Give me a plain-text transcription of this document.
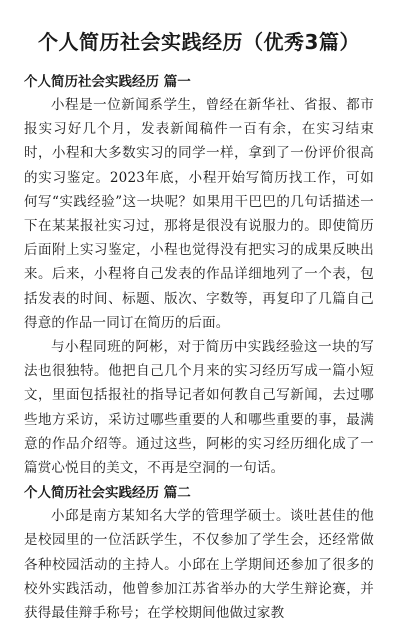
个人简历社会实践经历（优秀3篇）
个人简历社会实践经历 篇一

小程是一位新闻系学生，曾经在新华社、省报、都市报实习好几个月，发表新闻稿件一百有余，在实习结束时，小程和大多数实习的同学一样，拿到了一份评价很高的实习鉴定。2023年底，小程开始写简历找工作，可如何写“实践经验”这一块呢？如果用干巴巴的几句话描述一下在某某报社实习过，那将是很没有说服力的。即使简历后面附上实习鉴定，小程也觉得没有把实习的成果反映出来。后来，小程将自己发表的作品详细地列了一个表，包括发表的时间、标题、版次、字数等，再复印了几篇自己得意的作品一同订在简历的后面。

与小程同班的阿彬，对于简历中实践经验这一块的写法也很独特。他把自己几个月来的实习经历写成一篇小短文，里面包括报社的指导记者如何教自己写新闻，去过哪些地方采访，采访过哪些重要的人和哪些重要的事，最满意的作品介绍等。通过这些，阿彬的实习经历细化成了一篇赏心悦目的美文，不再是空洞的一句话。

个人简历社会实践经历 篇二

小邱是南方某知名大学的管理学硕士。谈吐甚佳的他是校园里的一位活跃学生，不仅参加了学生会，还经常做各种校园活动的主持人。小邱在上学期间还参加了很多的校外实践活动，他曾参加江苏省举办的大学生辩论赛，并获得最佳辩手称号；在学校期间他做过家教
